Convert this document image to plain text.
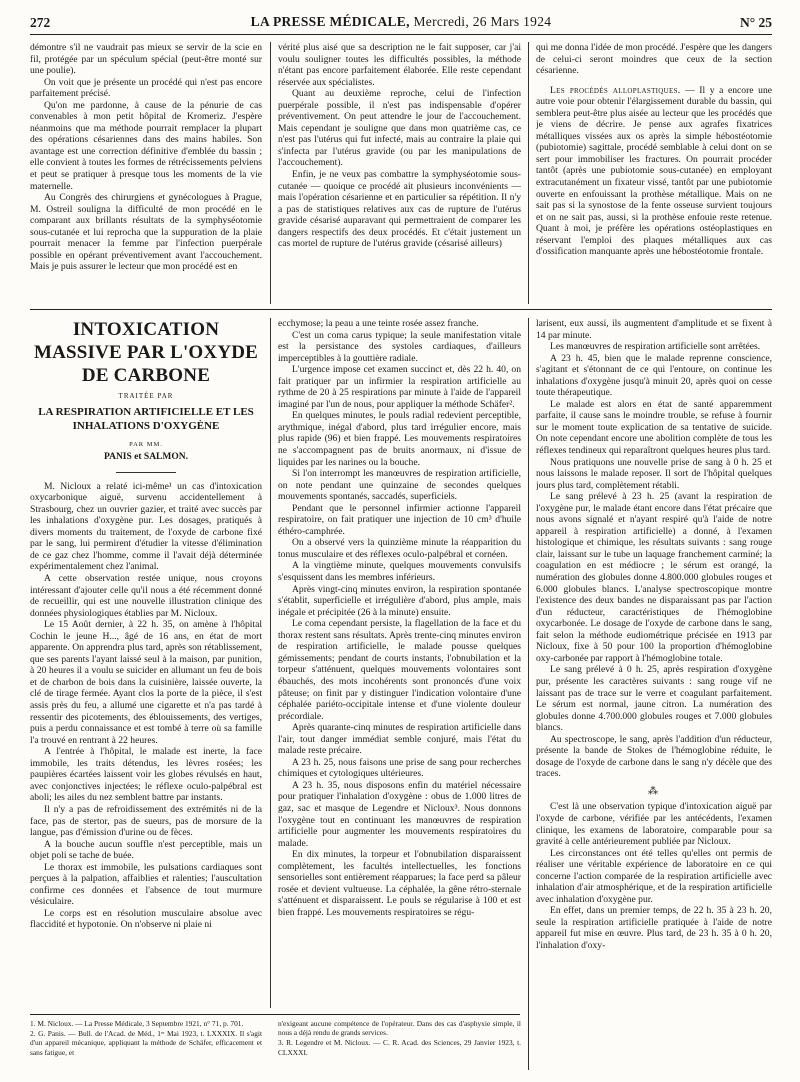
272	LA PRESSE MÉDICALE, Mercredi, 26 Mars 1924	N° 25

démontre s'il ne vaudrait pas mieux se servir de la scie en fil, protégée par un spéculum spécial (peut-être monté sur une poulie).

On voit que je présente un procédé qui n'est pas encore parfaitement précisé.

Qu'on me pardonne, à cause de la pénurie de cas convenables à mon petit hôpital de Kromeriz. J'espère néanmoins que ma méthode pourrait remplacer la plupart des opérations césariennes dans des mains habiles. Son avantage est une correction définitive d'emblée du bassin ; elle convient à toutes les formes de rétrécissements pelviens et peut se pratiquer à presque tous les moments de la vie maternelle.

Au Congrès des chirurgiens et gynécologues à Prague, M. Ostreil souligna la difficulté de mon procédé en le comparant aux brillants résultats de la symphyséotomie sous-cutanée et lui reprocha que la suppuration de la plaie pourrait menacer la femme par l'infection puerpérale possible en opérant préventivement avant l'accouchement. Mais je puis assurer le lecteur que mon procédé est en

vérité plus aisé que sa description ne le fait supposer, car j'ai voulu souligner toutes les difficultés possibles, la méthode n'étant pas encore parfaitement élaborée. Elle reste cependant réservée aux spécialistes.

Quant au deuxième reproche, celui de l'infection puerpérale possible, il n'est pas indispensable d'opérer préventivement. On peut attendre le jour de l'accouchement. Mais cependant je souligne que dans mon quatrième cas, ce n'est pas l'utérus qui fut infecté, mais au contraire la plaie qui s'infecta par l'utérus gravide (ou par les manipulations de l'accouchement).

Enfin, je ne veux pas combattre la symphyséotomie sous-cutanée — quoique ce procédé ait plusieurs inconvénients — mais l'opération césarienne et en particulier sa répétition. Il n'y a pas de statistiques relatives aux cas de rupture de l'utérus gravide césarisé auparavant qui permettraient de comparer les dangers respectifs des deux procédés. Et c'était justement un cas mortel de rupture de l'utérus gravide (césarisé ailleurs)

qui me donna l'idée de mon procédé. J'espère que les dangers de celui-ci seront moindres que ceux de la section césarienne.

Les procédés alloplastiques. — Il y a encore une autre voie pour obtenir l'élargissement durable du bassin, qui semblera peut-être plus aisée au lecteur que les procédés que je viens de décrire. Je pense aux agrafes fixatrices métalliques vissées aux os après la simple hébostéotomie (pubiotomie) sagittale, procédé semblable à celui dont on se sert pour immobiliser les fractures. On pourrait procéder tantôt (après une pubiotomie sous-cutanée) en employant extracutanément un fixateur vissé, tantôt par une pubiotomie ouverte en enfouissant la prothèse métallique. Mais on ne sait pas si la synostose de la fente osseuse survient toujours et on ne sait pas, aussi, si la prothèse enfouie reste retenue. Quant à moi, je préfère les opérations ostéoplastiques en réservant l'emploi des plaques métalliques aux cas d'ossification manquante après une hébostéotomie frontale.

INTOXICATION MASSIVE PAR L'OXYDE DE CARBONE
TRAITÉE PAR
LA RESPIRATION ARTIFICIELLE ET LES INHALATIONS D'OXYGÈNE
PAR MM.
PANIS et SALMON.

M. Nicloux a relaté ici-même¹ un cas d'intoxication oxycarbonique aiguë, survenu accidentellement à Strasbourg, chez un ouvrier gazier, et traité avec succès par les inhalations d'oxygène pur. Les dosages, pratiqués à divers moments du traitement, de l'oxyde de carbone fixé par le sang, lui permirent d'étudier la vitesse d'élimination de ce gaz chez l'homme, comme il l'avait déjà déterminée expérimentalement chez l'animal.

A cette observation restée unique, nous croyons intéressant d'ajouter celle qu'il nous a été récemment donné de recueillir, qui est une nouvelle illustration clinique des données physiologiques établies par M. Nicloux.

Le 15 Août dernier, à 22 h. 35, on amène à l'hôpital Cochin le jeune H..., âgé de 16 ans, en état de mort apparente. On apprendra plus tard, après son rétablissement, que ses parents l'ayant laissé seul à la maison, par punition, à 20 heures il a voulu se suicider en allumant un feu de bois et de charbon de bois dans la cuisinière, laissée ouverte, la clé de tirage fermée. Ayant clos la porte de la pièce, il s'est assis près du feu, a allumé une cigarette et n'a pas tardé à ressentir des picotements, des éblouissements, des vertiges, puis a perdu connaissance et est tombé à terre où sa famille l'a trouvé en rentrant à 22 heures.

A l'entrée à l'hôpital, le malade est inerte, la face immobile, les traits détendus, les lèvres rosées; les paupières écartées laissent voir les globes révulsés en haut, avec conjonctives injectées; le réflexe oculo-palpébral est aboli; les ailes du nez semblent battre par instants.

Il n'y a pas de refroidissement des extrémités ni de la face, pas de stertor, pas de sueurs, pas de morsure de la langue, pas d'émission d'urine ou de fèces.

A la bouche aucun souffle n'est perceptible, mais un objet poli se tache de buée.

Le thorax est immobile, les pulsations cardiaques sont perçues à la palpation, affaiblies et ralenties; l'auscultation confirme ces données et l'absence de tout murmure vésiculaire.

Le corps est en résolution musculaire absolue avec flaccidité et hypotonie. On n'observe ni plaie ni

ecchymose; la peau a une teinte rosée assez franche.

C'est un coma carus typique; la seule manifestation vitale est la persistance des systoles cardiaques, d'ailleurs imperceptibles à la gouttière radiale.

L'urgence impose cet examen succinct et, dès 22 h. 40, on fait pratiquer par un infirmier la respiration artificielle au rythme de 20 à 25 respirations par minute à l'aide de l'appareil imaginé par l'un de nous, pour appliquer la méthode Schäfer².

En quelques minutes, le pouls radial redevient perceptible, arythmique, inégal d'abord, plus tard irrégulier encore, mais plus rapide (96) et bien frappé. Les mouvements respiratoires ne s'accompagnent pas de bruits anormaux, ni d'issue de liquides par les narines ou la bouche.

Si l'on interrompt les manœuvres de respiration artificielle, on note pendant une quinzaine de secondes quelques mouvements spontanés, saccadés, superficiels.

Pendant que le personnel infirmier actionne l'appareil respiratoire, on fait pratiquer une injection de 10 cm³ d'huile éthéro-camphrée.

On a observé vers la quinzième minute la réapparition du tonus musculaire et des réflexes oculo-palpébral et cornéen.

A la vingtième minute, quelques mouvements convulsifs s'esquissent dans les membres inférieurs.

Après vingt-cinq minutes environ, la respiration spontanée s'établit, superficielle et irrégulière d'abord, plus ample, mais inégale et précipitée (26 à la minute) ensuite.

Le coma cependant persiste, la flagellation de la face et du thorax restent sans résultats. Après trente-cinq minutes environ de respiration artificielle, le malade pousse quelques gémissements; pendant de courts instants, l'obnubilation et la torpeur s'atténuent, quelques mouvements volontaires sont ébauchés, des mots incohérents sont prononcés d'une voix pâteuse; on finit par y distinguer l'indication volontaire d'une céphalée pariéto-occipitale intense et d'une violente douleur précordiale.

Après quarante-cinq minutes de respiration artificielle dans l'air, tout danger immédiat semble conjuré, mais l'état du malade reste précaire.

A 23 h. 25, nous faisons une prise de sang pour recherches chimiques et cytologiques ultérieures.

A 23 h. 35, nous disposons enfin du matériel nécessaire pour pratiquer l'inhalation d'oxygène : obus de 1.000 litres de gaz, sac et masque de Legendre et Nicloux³. Nous donnons l'oxygène tout en continuant les manœuvres de respiration artificielle pour augmenter les mouvements respiratoires du malade.

En dix minutes, la torpeur et l'obnubilation disparaissent complètement, les facultés intellectuelles, les fonctions sensorielles sont entièrement réapparues; la face perd sa pâleur rosée et devient vultueuse. La céphalée, la gêne rétro-sternale s'atténuent et disparaissent. Le pouls se régularise à 100 et est bien frappé. Les mouvements respiratoires se régu-

larisent, eux aussi, ils augmentent d'amplitude et se fixent à 14 par minute.

Les manœuvres de respiration artificielle sont arrêtées.

A 23 h. 45, bien que le malade reprenne conscience, s'agitant et s'étonnant de ce qui l'entoure, on continue les inhalations d'oxygène jusqu'à minuit 20, après quoi on cesse toute thérapeutique.

Le malade est alors en état de santé apparemment parfaite, il cause sans le moindre trouble, se refuse à fournir sur le moment toute explication de sa tentative de suicide. On note cependant encore une abolition complète de tous les réflexes tendineux qui reparaîtront quelques heures plus tard.

Nous pratiquons une nouvelle prise de sang à 0 h. 25 et nous laissons le malade reposer. Il sort de l'hôpital quelques jours plus tard, complètement rétabli.

Le sang prélevé à 23 h. 25 (avant la respiration de l'oxygène pur, le malade étant encore dans l'état précaire que nous avons signalé et n'ayant respiré qu'à l'aide de notre appareil à respiration artificielle) a donné, à l'examen histologique et chimique, les résultats suivants : sang rouge clair, laissant sur le tube un laquage franchement carminé; la coagulation en est médiocre ; le sérum est orangé, la numération des globules donne 4.800.000 globules rouges et 6.000 globules blancs. L'analyse spectroscopique montre l'existence des deux bandes ne disparaissant pas par l'action d'un réducteur, caractéristiques de l'hémoglobine oxycarbonée. Le dosage de l'oxyde de carbone dans le sang, fait selon la méthode eudiométrique précisée en 1913 par Nicloux, fixe à 50 pour 100 la proportion d'hémoglobine oxy-carbonée par rapport à l'hémoglobine totale.

Le sang prélevé à 0 h. 25, après respiration d'oxygène pur, présente les caractères suivants : sang rouge vif ne laissant pas de trace sur le verre et coagulant parfaitement. Le sérum est normal, jaune citron. La numération des globules donne 4.700.000 globules rouges et 7.000 globules blancs.

Au spectroscope, le sang, après l'addition d'un réducteur, présente la bande de Stokes de l'hémoglobine réduite, le dosage de l'oxyde de carbone dans le sang n'y décèle que des traces.

⁂

C'est là une observation typique d'intoxication aiguë par l'oxyde de carbone, vérifiée par les antécédents, l'examen clinique, les examens de laboratoire, comparable pour sa gravité à celle antérieurement publiée par Nicloux.

Les circonstances ont été telles qu'elles ont permis de réaliser une véritable expérience de laboratoire en ce qui concerne l'action comparée de la respiration artificielle avec inhalation d'air atmosphérique, et de la respiration artificielle avec inhalation d'oxygène pur.

En effet, dans un premier temps, de 22 h. 35 à 23 h. 20, seule la respiration artificielle pratiquée à l'aide de notre appareil fut mise en œuvre. Plus tard, de 23 h. 35 à 0 h. 20, l'inhalation d'oxy-

1. M. Nicloux. — La Presse Médicale, 3 Septembre 1921, n° 71, p. 701.

2. G. Panis. — Bull. de l'Acad. de Méd., 1ᵉʳ Mai 1923, t. LXXXIX. Il s'agit d'un appareil mécanique, appliquant la méthode de Schäfer, efficacement et sans fatigue, et

n'exigeant aucune compétence de l'opérateur. Dans des cas d'asphyxie simple, il nous a déjà rendu de grands services.

3. R. Legendre et M. Nicloux. — C. R. Acad. des Sciences, 29 Janvier 1923, t. CLXXXI.
